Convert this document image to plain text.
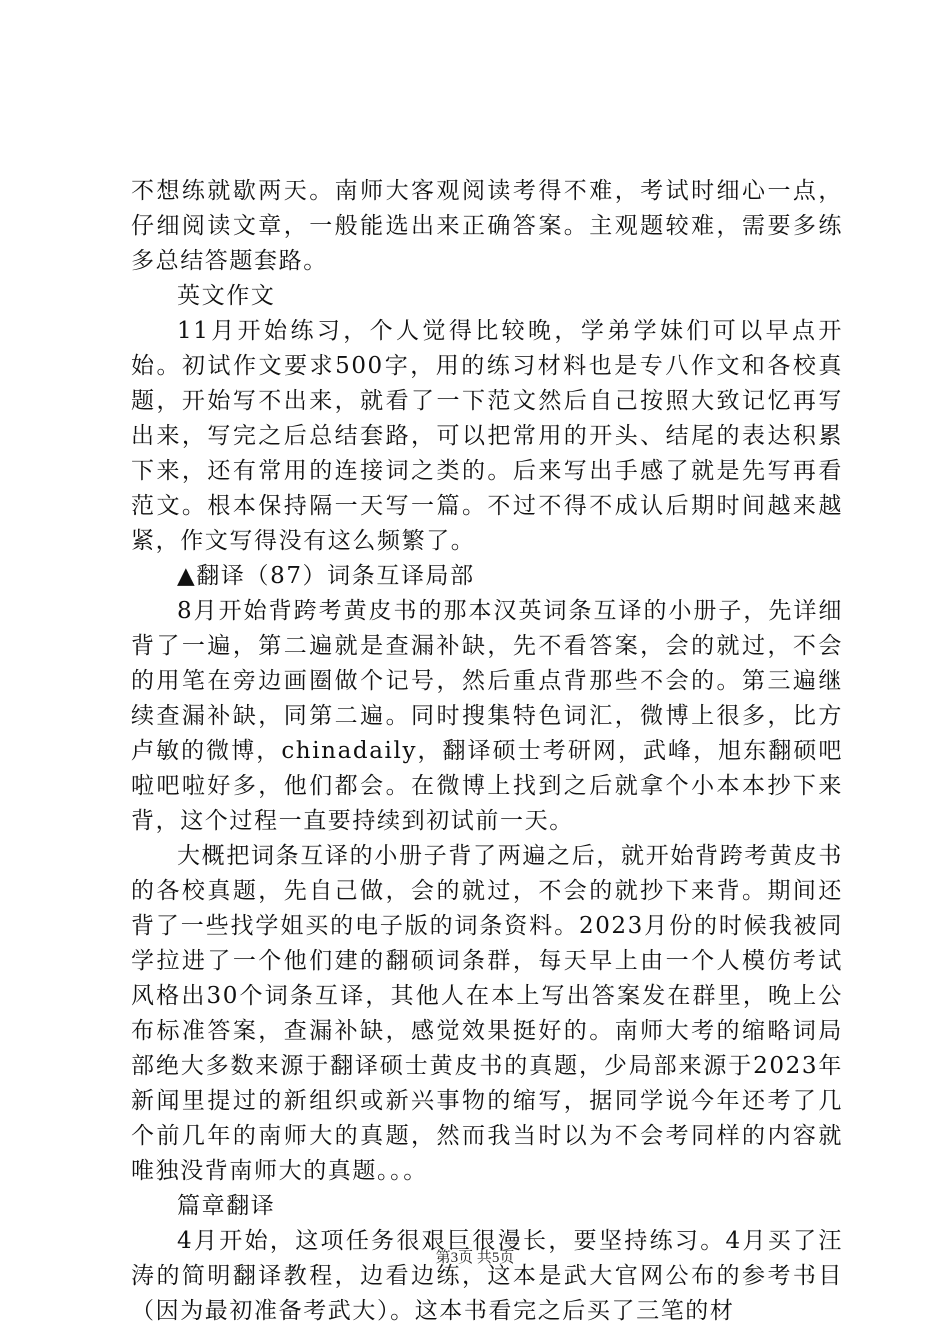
不想练就歇两天。南师大客观阅读考得不难，考试时细心一点，仔细阅读文章，一般能选出来正确答案。主观题较难，需要多练多总结答题套路。

英文作文

11月开始练习，个人觉得比较晚，学弟学妹们可以早点开始。初试作文要求500字，用的练习材料也是专八作文和各校真题，开始写不出来，就看了一下范文然后自己按照大致记忆再写出来，写完之后总结套路，可以把常用的开头、结尾的表达积累下来，还有常用的连接词之类的。后来写出手感了就是先写再看范文。根本保持隔一天写一篇。不过不得不成认后期时间越来越紧，作文写得没有这么频繁了。

▲翻译（87）词条互译局部

8月开始背跨考黄皮书的那本汉英词条互译的小册子，先详细背了一遍，第二遍就是查漏补缺，先不看答案，会的就过，不会的用笔在旁边画圈做个记号，然后重点背那些不会的。第三遍继续查漏补缺，同第二遍。同时搜集特色词汇，微博上很多，比方卢敏的微博，chinadaily，翻译硕士考研网，武峰，旭东翻硕吧啦吧啦好多，他们都会。在微博上找到之后就拿个小本本抄下来背，这个过程一直要持续到初试前一天。

大概把词条互译的小册子背了两遍之后，就开始背跨考黄皮书的各校真题，先自己做，会的就过，不会的就抄下来背。期间还背了一些找学姐买的电子版的词条资料。2023月份的时候我被同学拉进了一个他们建的翻硕词条群，每天早上由一个人模仿考试风格出30个词条互译，其他人在本上写出答案发在群里，晚上公布标准答案，查漏补缺，感觉效果挺好的。南师大考的缩略词局部绝大多数来源于翻译硕士黄皮书的真题，少局部来源于2023年新闻里提过的新组织或新兴事物的缩写，据同学说今年还考了几个前几年的南师大的真题，然而我当时以为不会考同样的内容就唯独没背南师大的真题。。。

篇章翻译

4月开始，这项任务很艰巨很漫长，要坚持练习。4月买了汪涛的简明翻译教程，边看边练，这本是武大官网公布的参考书目（因为最初准备考武大）。这本书看完之后买了三笔的材

第3页 共5页
